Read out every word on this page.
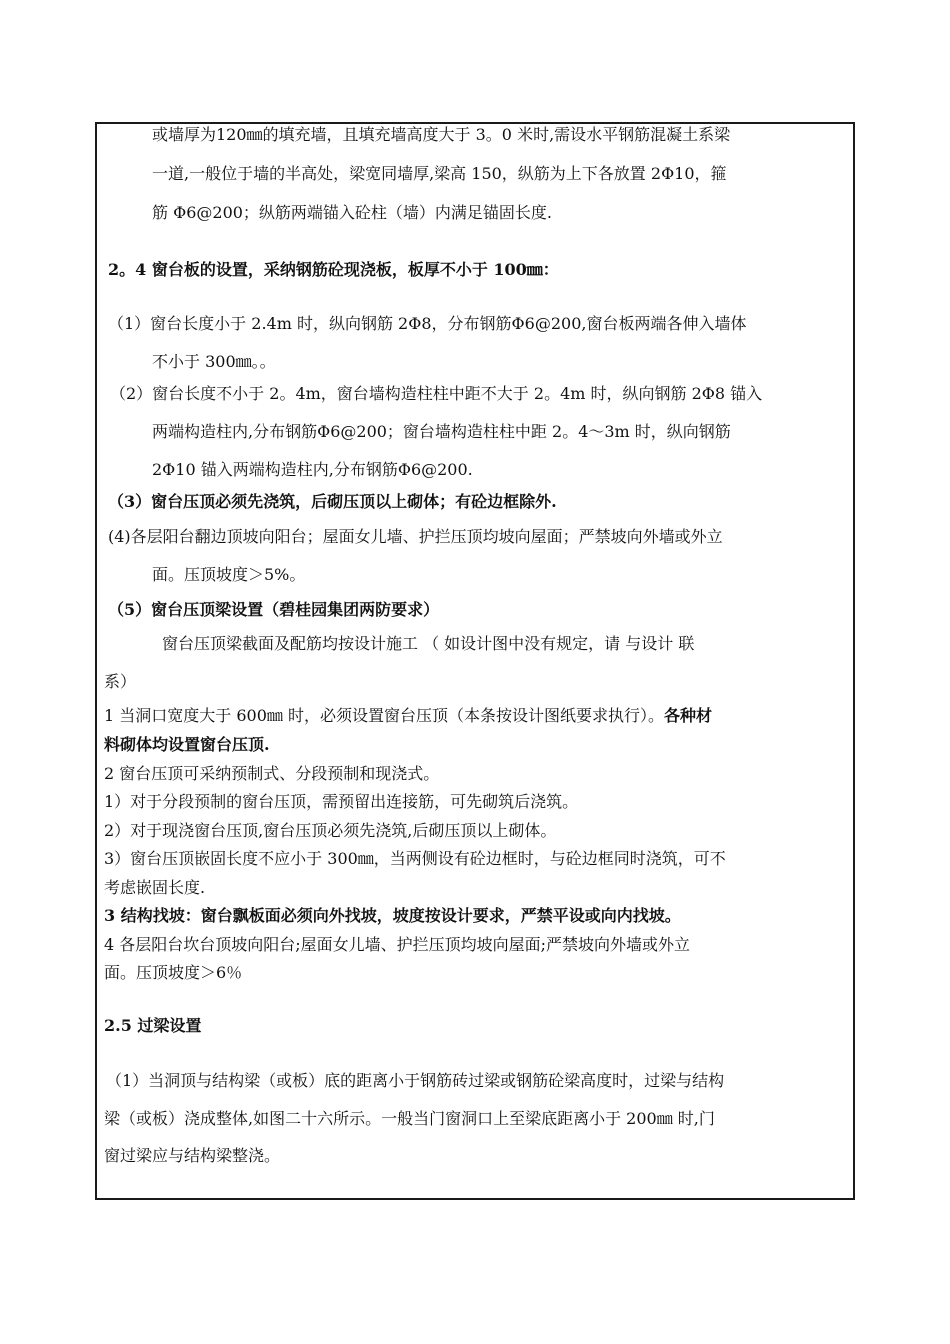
或墙厚为120㎜的填充墙，且填充墙高度大于 3。0 米时,需设水平钢筋混凝土系梁
一道,一般位于墙的半高处，梁宽同墙厚,梁高 150，纵筋为上下各放置 2Φ10，箍
筋 Φ6@200；纵筋两端锚入砼柱（墙）内满足锚固长度.
2。4 窗台板的设置，采纳钢筋砼现浇板，板厚不小于 100㎜：
（1）窗台长度小于 2.4m 时，纵向钢筋 2Φ8，分布钢筋Φ6@200,窗台板两端各伸入墙体
不小于 300㎜。。
（2）窗台长度不小于 2。4m，窗台墙构造柱柱中距不大于 2。4m 时，纵向钢筋 2Φ8 锚入
两端构造柱内,分布钢筋Φ6@200；窗台墙构造柱柱中距 2。4～3m 时，纵向钢筋
2Φ10 锚入两端构造柱内,分布钢筋Φ6@200.
（3）窗台压顶必须先浇筑，后砌压顶以上砌体；有砼边框除外.
(4)各层阳台翻边顶坡向阳台；屋面女儿墙、护拦压顶均坡向屋面；严禁坡向外墙或外立
面。压顶坡度＞5%。
（5）窗台压顶梁设置（碧桂园集团两防要求）
窗台压顶梁截面及配筋均按设计施工 （ 如设计图中没有规定，请 与设计 联
系）
1 当洞口宽度大于 600㎜ 时，必须设置窗台压顶（本条按设计图纸要求执行）。各种材
料砌体均设置窗台压顶.
2 窗台压顶可采纳预制式、分段预制和现浇式。
1）对于分段预制的窗台压顶，需预留出连接筋，可先砌筑后浇筑。
2）对于现浇窗台压顶,窗台压顶必须先浇筑,后砌压顶以上砌体。
3）窗台压顶嵌固长度不应小于 300㎜，当两侧设有砼边框时，与砼边框同时浇筑，可不
考虑嵌固长度.
3 结构找坡：窗台飘板面必须向外找坡，坡度按设计要求，严禁平设或向内找坡。
4 各层阳台坎台顶坡向阳台;屋面女儿墙、护拦压顶均坡向屋面;严禁坡向外墙或外立
面。压顶坡度＞6％
2.5 过梁设置
（1）当洞顶与结构梁（或板）底的距离小于钢筋砖过梁或钢筋砼梁高度时，过梁与结构
梁（或板）浇成整体,如图二十六所示。一般当门窗洞口上至梁底距离小于 200㎜ 时,门
窗过梁应与结构梁整浇。
